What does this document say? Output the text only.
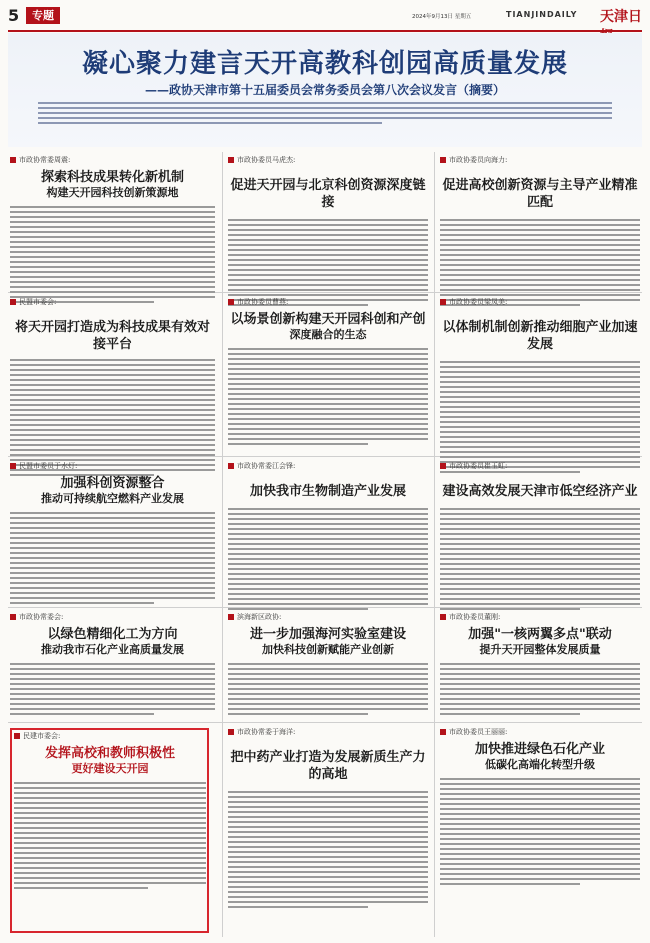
5	专题	2024年9月13日 星期五	TIANJINDAILY 天津日
凝心聚力建言天开高教科创园高质量发展
——政协天津市第十五届委员会常务委员会第八次会议发言（摘要）
市政协常委周震:
探索科技成果转化新机制
构建天开园科技创新策源地
市政协委员马虎杰:
促进天开园与北京科创资源深度链接
市政协委员向海力:
促进高校创新资源与主导产业精准匹配
民盟市委会:
将天开园打造成为科技成果有效对接平台
市政协委员曹燕:
以场景创新构建天开园科创和产创
深度融合的生态
市政协委员梁凤美:
以体制机制创新推动细胞产业加速发展
民盟市委员于水灯:
加强科创资源整合
推动可持续航空燃料产业发展
市政协常委江会锋:
加快我市生物制造产业发展
市政协委员崔玉虹:
建设高效发展天津市低空经济产业
市政协常委会:
以绿色精细化工为方向
推动我市石化产业高质量发展
滨海新区政协:
进一步加强海河实验室建设
加快科技创新赋能产业创新
市政协委员董刚:
加强"一核两翼多点"联动
提升天开园整体发展质量
民建市委会:
发挥高校和教师积极性
更好建设天开园
市政协常委于海洋:
把中药产业打造为发展新质生产力的高地
市政协委员王丽丽:
加快推进绿色石化产业
低碳化高端化转型升级
